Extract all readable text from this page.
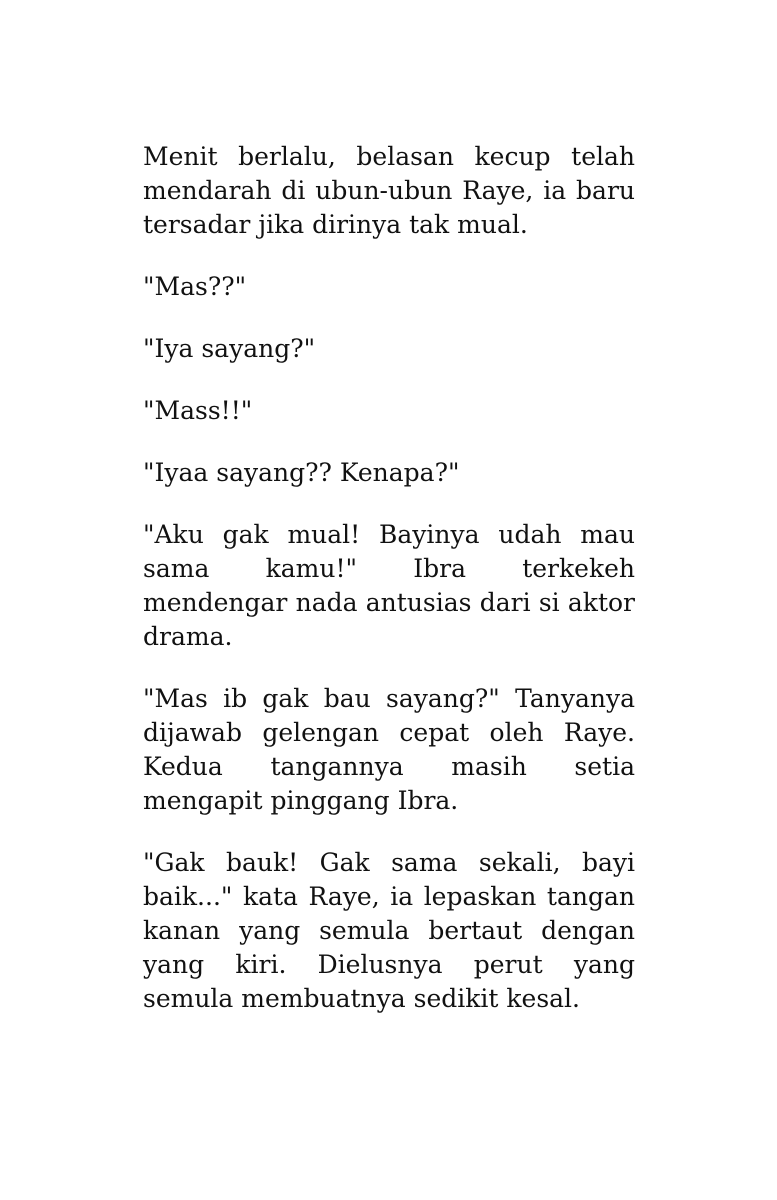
Menit berlalu, belasan kecup telah mendarah di ubun-ubun Raye, ia baru tersadar jika dirinya tak mual.

"Mas??"

"Iya sayang?"

"Mass!!"

"Iyaa sayang?? Kenapa?"

"Aku gak mual! Bayinya udah mau sama kamu!" Ibra terkekeh mendengar nada antusias dari si aktor drama.

"Mas ib gak bau sayang?" Tanyanya dijawab gelengan cepat oleh Raye. Kedua tangannya masih setia mengapit pinggang Ibra.

"Gak bauk! Gak sama sekali, bayi baik..." kata Raye, ia lepaskan tangan kanan yang semula bertaut dengan yang kiri. Dielusnya perut yang semula membuatnya sedikit kesal.
